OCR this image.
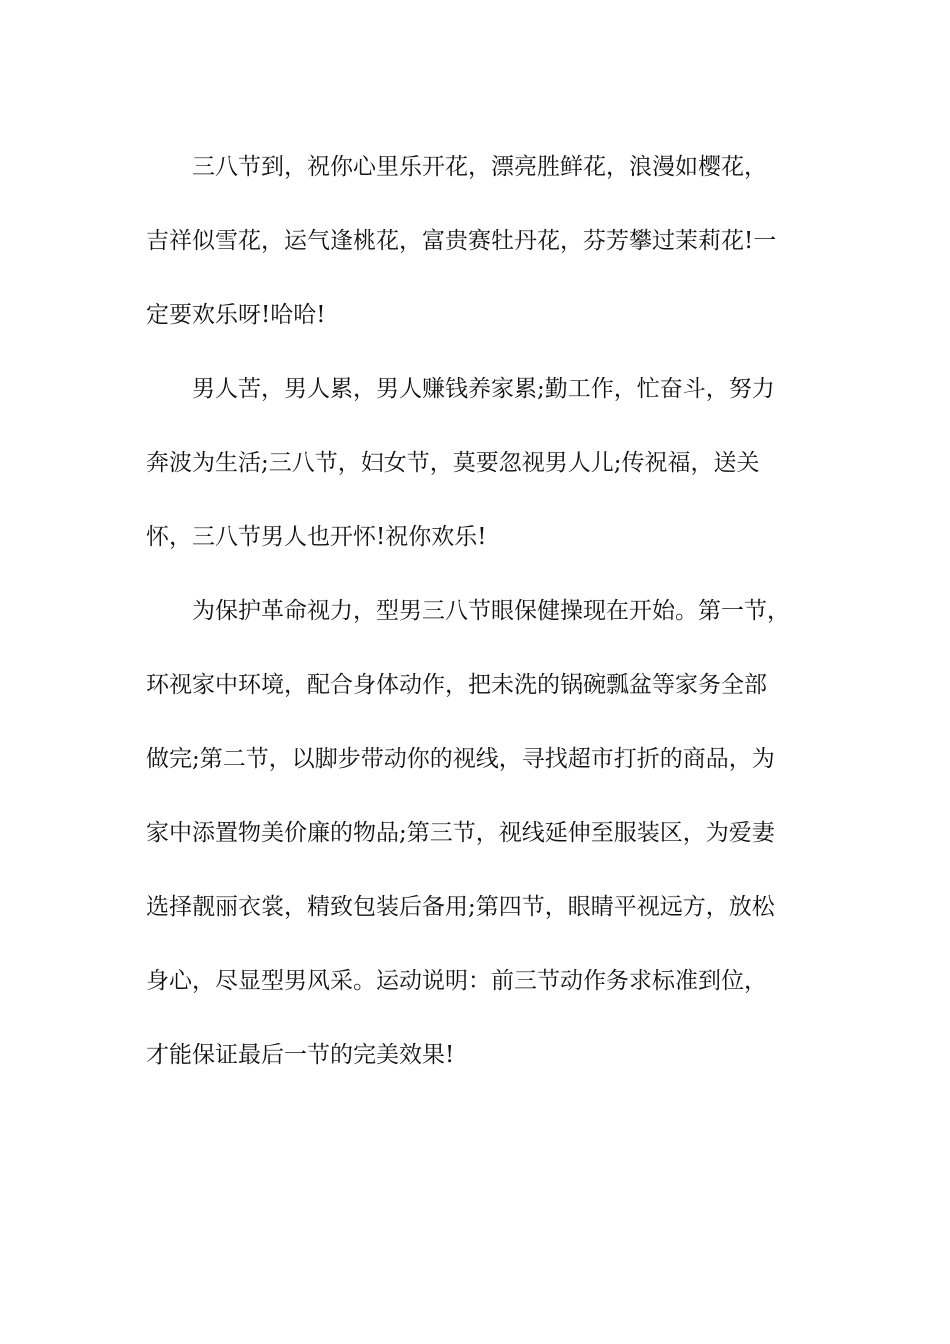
三八节到，祝你心里乐开花，漂亮胜鲜花，浪漫如樱花，
吉祥似雪花，运气逢桃花，富贵赛牡丹花，芬芳攀过茉莉花!一
定要欢乐呀!哈哈!
男人苦，男人累，男人赚钱养家累;勤工作，忙奋斗，努力
奔波为生活;三八节，妇女节，莫要忽视男人儿;传祝福，送关
怀，三八节男人也开怀!祝你欢乐!
为保护革命视力，型男三八节眼保健操现在开始。第一节，
环视家中环境，配合身体动作，把未洗的锅碗瓢盆等家务全部
做完;第二节，以脚步带动你的视线，寻找超市打折的商品，为
家中添置物美价廉的物品;第三节，视线延伸至服装区，为爱妻
选择靓丽衣裳，精致包装后备用;第四节，眼睛平视远方，放松
身心，尽显型男风采。运动说明：前三节动作务求标准到位，
才能保证最后一节的完美效果!
